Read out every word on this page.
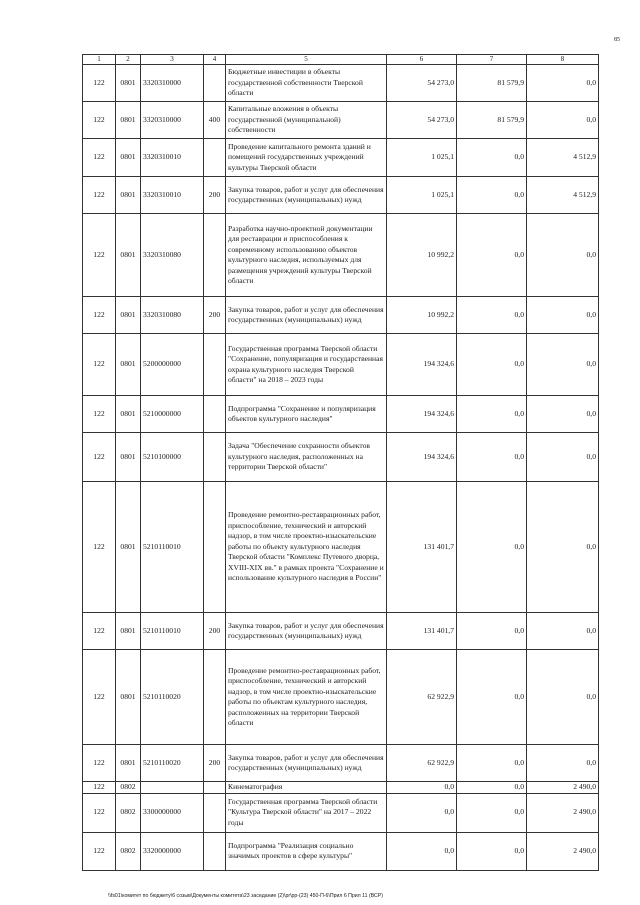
85
1	2	3	4	5	6	7	8
122	0801	3320310000		Бюджетные инвестиции в объекты государственной собственности Тверской области	54 273,0	81 579,9	0,0
122	0801	3320310000	400	Капитальные вложения в объекты государственной (муниципальной) собственности	54 273,0	81 579,9	0,0
122	0801	3320310010		Проведение капитального ремонта зданий и помещений государственных учреждений культуры Тверской области	1 025,1	0,0	4 512,9
122	0801	3320310010	200	Закупка товаров, работ и услуг для обеспечения государственных (муниципальных) нужд	1 025,1	0,0	4 512,9
122	0801	3320310080		Разработка научно-проектной документации для реставрации и приспособления к современному использованию объектов культурного наследия, используемых для размещения учреждений культуры Тверской области	10 992,2	0,0	0,0
122	0801	3320310080	200	Закупка товаров, работ и услуг для обеспечения государственных (муниципальных) нужд	10 992,2	0,0	0,0
122	0801	5200000000		Государственная программа Тверской области "Сохранение, популяризация и государственная охрана культурного наследия Тверской области" на 2018 – 2023 годы	194 324,6	0,0	0,0
122	0801	5210000000		Подпрограмма "Сохранение и популяризация объектов культурного наследия"	194 324,6	0,0	0,0
122	0801	5210100000		Задача "Обеспечение сохранности объектов культурного наследия, расположенных на территории Тверской области"	194 324,6	0,0	0,0
122	0801	5210110010		Проведение ремонтно-реставрационных работ, приспособление, технический и авторский надзор, в том числе проектно-изыскательские работы по объекту культурного наследия Тверской области "Комплекс Путевого дворца, XVIII-XIX вв." в рамках проекта "Сохранение и использование культурного наследия в России"	131 401,7	0,0	0,0
122	0801	5210110010	200	Закупка товаров, работ и услуг для обеспечения государственных (муниципальных) нужд	131 401,7	0,0	0,0
122	0801	5210110020		Проведение ремонтно-реставрационных работ, приспособление, технический и авторский надзор, в том числе проектно-изыскательские работы по объектам культурного наследия, расположенных на территории Тверской области	62 922,9	0,0	0,0
122	0801	5210110020	200	Закупка товаров, работ и услуг для обеспечения государственных (муниципальных) нужд	62 922,9	0,0	0,0
122	0802			Кинематография	0,0	0,0	2 490,0
122	0802	3300000000		Государственная программа Тверской области "Культура Тверской области" на 2017 – 2022 годы	0,0	0,0	2 490,0
122	0802	3320000000		Подпрограмма "Реализация социально значимых проектов в сфере культуры"	0,0	0,0	2 490,0
\\fs01\комитет по бюджету\6 созыв\Документы комитета\23 заседание (2)\pr\pp-(23) 450-П-6\Прил 6 Прил 11 (ВСР)
